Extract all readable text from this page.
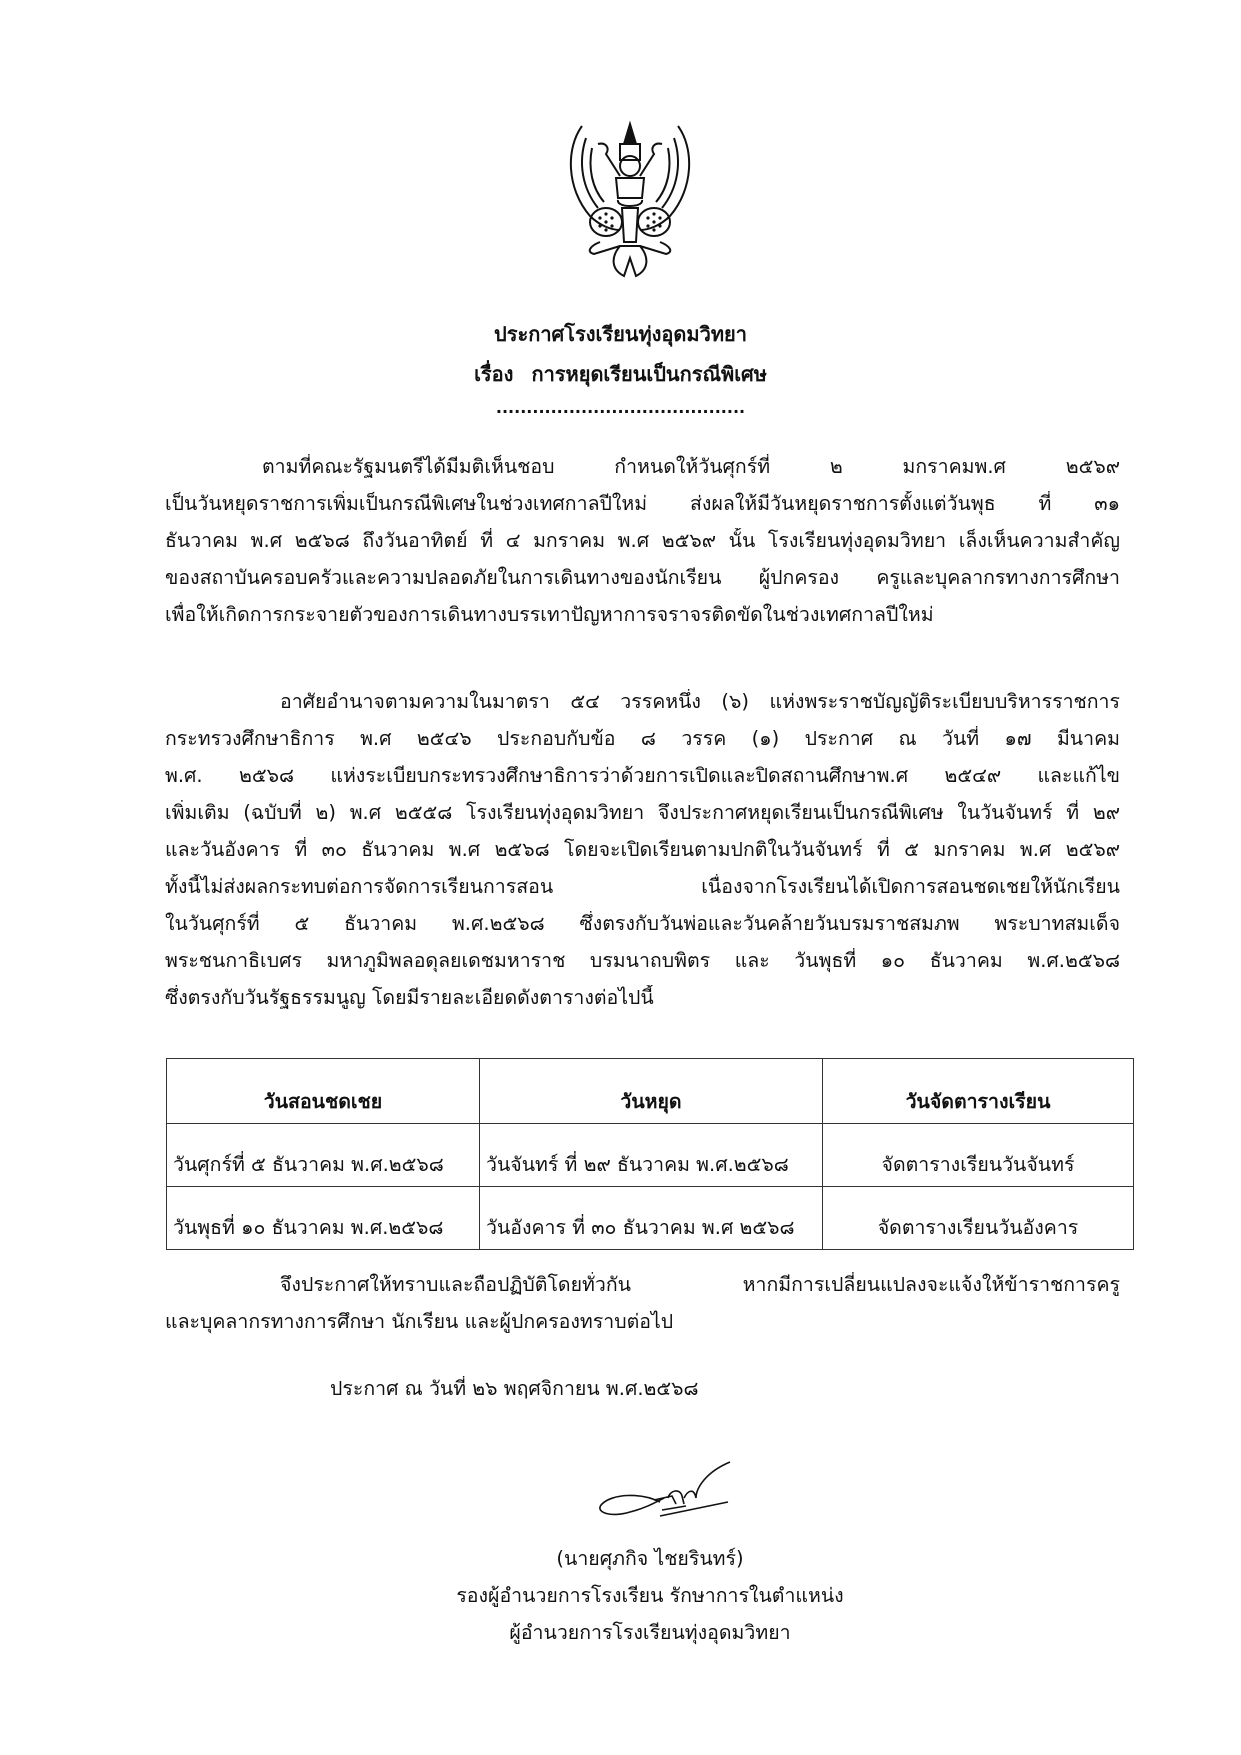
ประกาศโรงเรียนทุ่งอุดมวิทยา
เรื่อง การหยุดเรียนเป็นกรณีพิเศษ
.........................................
ตามที่คณะรัฐมนตรีได้มีมติเห็นชอบ กำหนดให้วันศุกร์ที่ ๒ มกราคมพ.ศ ๒๕๖๙
เป็นวันหยุดราชการเพิ่มเป็นกรณีพิเศษในช่วงเทศกาลปีใหม่ ส่งผลให้มีวันหยุดราชการตั้งแต่วันพุธ ที่ ๓๑
ธันวาคม พ.ศ ๒๕๖๘ ถึงวันอาทิตย์ ที่ ๔ มกราคม พ.ศ ๒๕๖๙ นั้น โรงเรียนทุ่งอุดมวิทยา เล็งเห็นความสำคัญ
ของสถาบันครอบครัวและความปลอดภัยในการเดินทางของนักเรียน ผู้ปกครอง ครูและบุคลากรทางการศึกษา
เพื่อให้เกิดการกระจายตัวของการเดินทางบรรเทาปัญหาการจราจรติดขัดในช่วงเทศกาลปีใหม่
อาศัยอำนาจตามความในมาตรา ๕๔ วรรคหนึ่ง (๖) แห่งพระราชบัญญัติระเบียบบริหารราชการ
กระทรวงศึกษาธิการ พ.ศ ๒๕๔๖ ประกอบกับข้อ ๘ วรรค (๑) ประกาศ ณ วันที่ ๑๗ มีนาคม
พ.ศ. ๒๕๖๘ แห่งระเบียบกระทรวงศึกษาธิการว่าด้วยการเปิดและปิดสถานศึกษาพ.ศ ๒๕๔๙ และแก้ไข
เพิ่มเติม (ฉบับที่ ๒) พ.ศ ๒๕๕๘ โรงเรียนทุ่งอุดมวิทยา จึงประกาศหยุดเรียนเป็นกรณีพิเศษ ในวันจันทร์ ที่ ๒๙
และวันอังคาร ที่ ๓๐ ธันวาคม พ.ศ ๒๕๖๘ โดยจะเปิดเรียนตามปกติในวันจันทร์ ที่ ๕ มกราคม พ.ศ ๒๕๖๙
ทั้งนี้ไม่ส่งผลกระทบต่อการจัดการเรียนการสอน เนื่องจากโรงเรียนได้เปิดการสอนชดเชยให้นักเรียน
ในวันศุกร์ที่ ๕ ธันวาคม พ.ศ.๒๕๖๘ ซึ่งตรงกับวันพ่อและวันคล้ายวันบรมราชสมภพ พระบาทสมเด็จ
พระชนกาธิเบศร มหาภูมิพลอดุลยเดชมหาราช บรมนาถบพิตร และ วันพุธที่ ๑๐ ธันวาคม พ.ศ.๒๕๖๘
ซึ่งตรงกับวันรัฐธรรมนูญ โดยมีรายละเอียดดังตารางต่อไปนี้
วันสอนชดเชย	วันหยุด	วันจัดตารางเรียน
วันศุกร์ที่ ๕ ธันวาคม พ.ศ.๒๕๖๘	วันจันทร์ ที่ ๒๙ ธันวาคม พ.ศ.๒๕๖๘	จัดตารางเรียนวันจันทร์
วันพุธที่ ๑๐ ธันวาคม พ.ศ.๒๕๖๘	วันอังคาร ที่ ๓๐ ธันวาคม พ.ศ ๒๕๖๘	จัดตารางเรียนวันอังคาร
จึงประกาศให้ทราบและถือปฏิบัติโดยทั่วกัน หากมีการเปลี่ยนแปลงจะแจ้งให้ข้าราชการครู
และบุคลากรทางการศึกษา นักเรียน และผู้ปกครองทราบต่อไป
ประกาศ ณ วันที่ ๒๖ พฤศจิกายน พ.ศ.๒๕๖๘
(นายศุภกิจ ไชยรินทร์)
รองผู้อำนวยการโรงเรียน รักษาการในตำแหน่ง
ผู้อำนวยการโรงเรียนทุ่งอุดมวิทยา
